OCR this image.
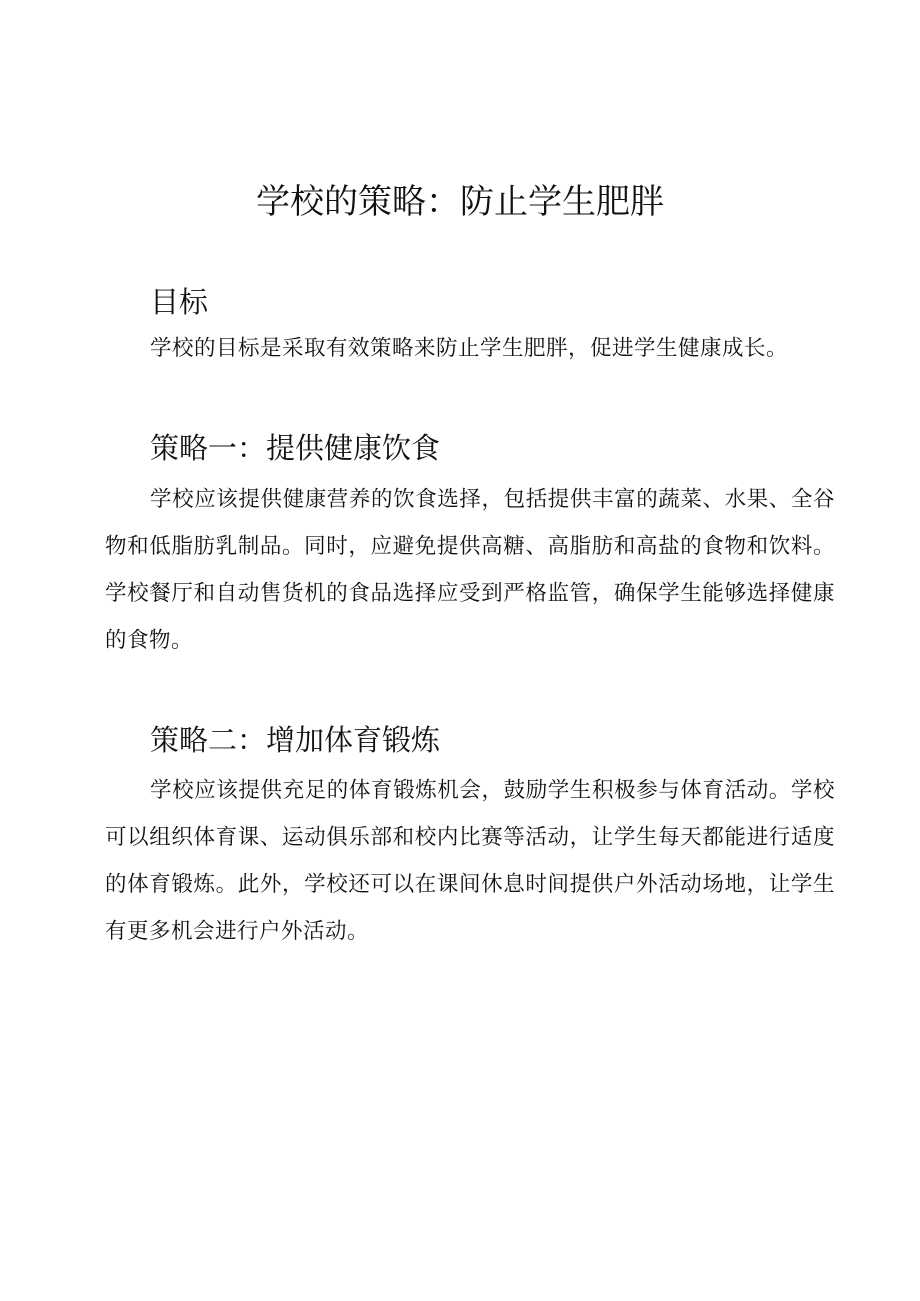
学校的策略：防止学生肥胖
目标

学校的目标是采取有效策略来防止学生肥胖，促进学生健康成长。

策略一：提供健康饮食

学校应该提供健康营养的饮食选择，包括提供丰富的蔬菜、水果、全谷物和低脂肪乳制品。同时，应避免提供高糖、高脂肪和高盐的食物和饮料。学校餐厅和自动售货机的食品选择应受到严格监管，确保学生能够选择健康的食物。

策略二：增加体育锻炼

学校应该提供充足的体育锻炼机会，鼓励学生积极参与体育活动。学校可以组织体育课、运动俱乐部和校内比赛等活动，让学生每天都能进行适度的体育锻炼。此外，学校还可以在课间休息时间提供户外活动场地，让学生有更多机会进行户外活动。
